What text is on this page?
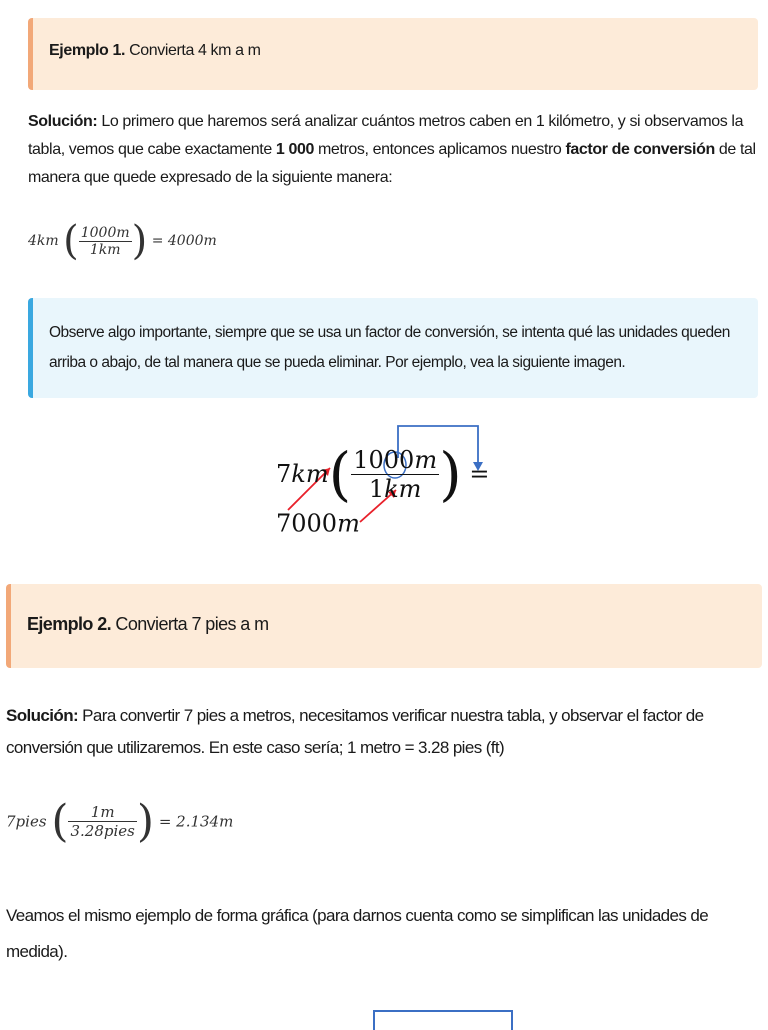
Ejemplo 1. Convierta 4 km a m
Solución: Lo primero que haremos será analizar cuántos metros caben en 1 kilómetro, y si observamos la tabla, vemos que cabe exactamente 1 000 metros, entonces aplicamos nuestro factor de conversión de tal manera que quede expresado de la siguiente manera:
4km ( $\frac{1000m}{1km}$ ) = 4000m
Observe algo importante, siempre que se usa un factor de conversión, se intenta qué las unidades queden arriba o abajo, de tal manera que se pueda eliminar. Por ejemplo, vea la siguiente imagen.
$7km( \frac{1000m}{1km}$ ) = 7000m
Ejemplo 2. Convierta 7 pies a m
Solución: Para convertir 7 pies a metros, necesitamos verificar nuestra tabla, y observar el factor de conversión que utilizaremos. En este caso sería; 1 metro = 3.28 pies (ft)
7pies ( $\frac{1m}{\text{3.28pies}}$ ) = 2.134m
Veamos el mismo ejemplo de forma gráfica (para darnos cuenta como se simplifican las unidades de medida).
